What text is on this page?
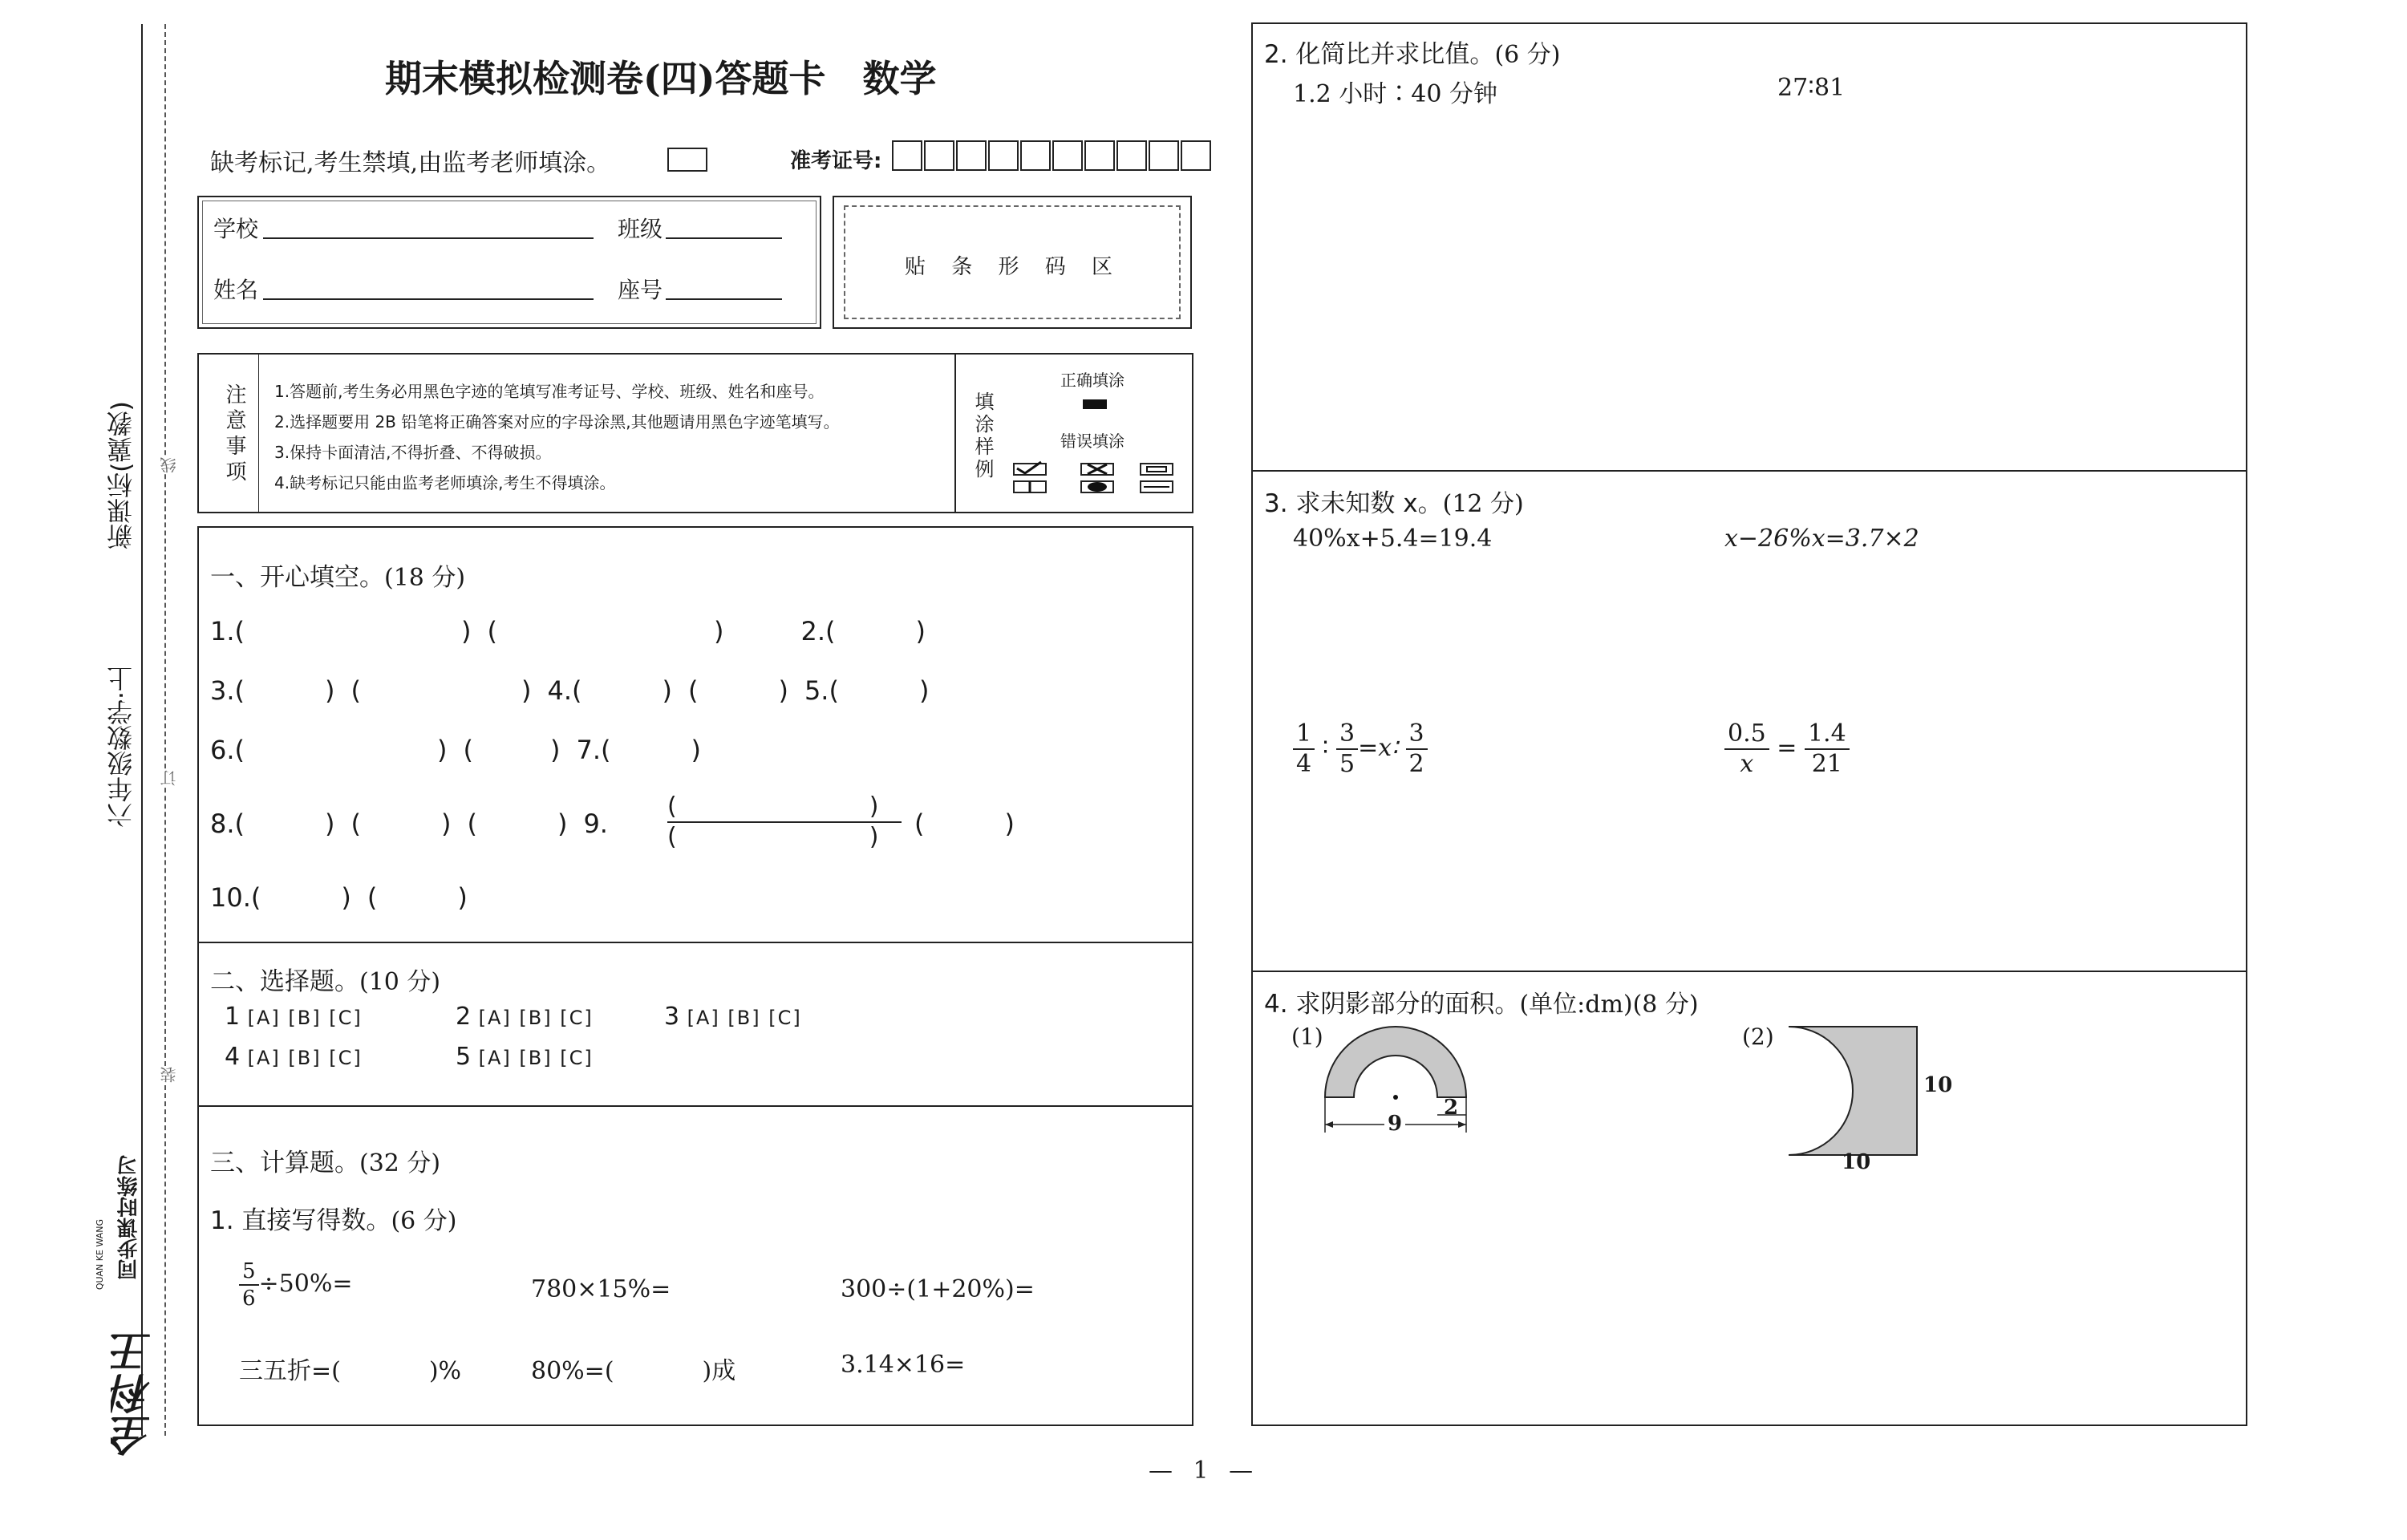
新课标(冀教)
六年级数学·上
线
订
装
同步课时练习
QUAN KE WANG
全科王
期末模拟检测卷(四)答题卡　数学
缺考标记,考生禁填,由监考老师填涂。	准考证号:
学校	班级
姓名	座号
贴 条 形 码 区
注意事项 1.答题前,考生务必用黑色字迹的笔填写准考证号、学校、班级、姓名和座号。
2.选择题要用 2B 铅笔将正确答案对应的字母涂黑,其他题请用黑色字迹笔填写。
3.保持卡面清洁,不得折叠、不得破损。
4.缺考标记只能由监考老师填涂,考生不得填涂。
填涂样例
正确填涂
错误填涂
一、开心填空。(18 分)
1.(	) (	)	2.(	)
3.(	) (	) 4.(	) (	) 5.(	)
6.(	) (	) 7.(	)
8.(	) (	) (	) 9.
(	)
(	)	(	)
10.(	) (	)
二、选择题。(10 分)
1 [A] [B] [C]	2 [A] [B] [C]	3 [A] [B] [C]
4 [A] [B] [C]	5 [A] [B] [C]
三、计算题。(32 分)
1. 直接写得数。(6 分)
$\frac{5}{6} \div 50\%=$	780×15%=	300÷(1+20%)=
三五折=(	)%	80%=(	)成	3.14×16=
2. 化简比并求比值。(6 分)
1.2 小时∶40 分钟	27∶81
3. 求未知数 x。(12 分)
40%x+5.4=19.4	x−26%x=3.7×2
$\frac{1}{4}$ ∶ $\frac{3}{5}$ =x∶ $\frac{3}{2}$	$\frac{0.5}{x} = \frac{1.4}{21}$
4. 求阴影部分的面积。(单位:dm)(8 分)
(1)	(2)
9
2
10
10
— 1 —
